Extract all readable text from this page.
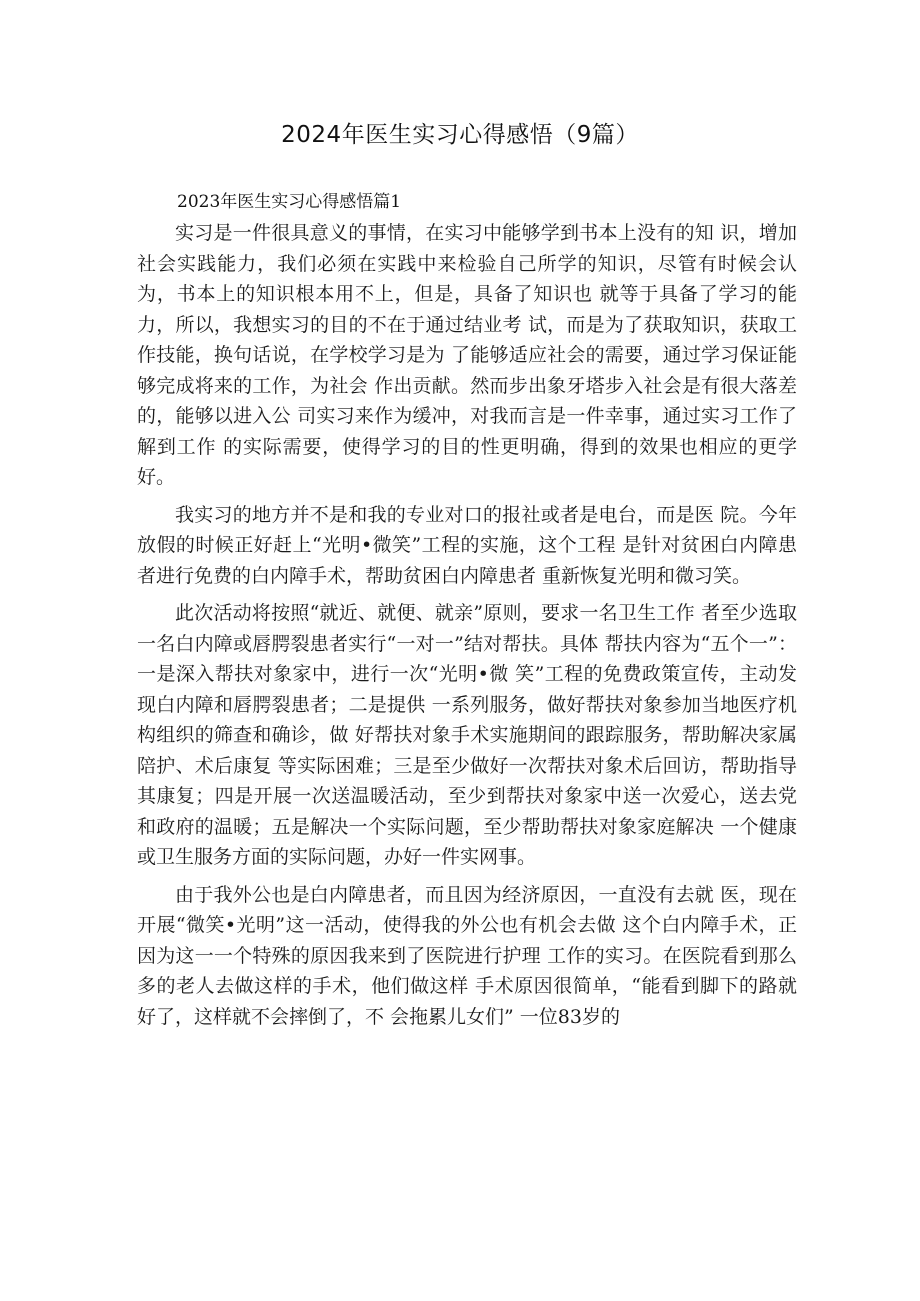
2024年医生实习心得感悟（9篇）
2023年医生实习心得感悟篇1

实习是一件很具意义的事情，在实习中能够学到书本上没有的知 识，增加社会实践能力，我们必须在实践中来检验自己所学的知识，尽管有时候会认为，书本上的知识根本用不上，但是，具备了知识也 就等于具备了学习的能力，所以，我想实习的目的不在于通过结业考 试，而是为了获取知识，获取工作技能，换句话说，在学校学习是为 了能够适应社会的需要，通过学习保证能够完成将来的工作，为社会 作出贡献。然而步出象牙塔步入社会是有很大落差的，能够以进入公 司实习来作为缓冲，对我而言是一件幸事，通过实习工作了解到工作 的实际需要，使得学习的目的性更明确，得到的效果也相应的更学好。

我实习的地方并不是和我的专业对口的报社或者是电台，而是医 院。今年放假的时候正好赶上“光明•微笑”工程的实施，这个工程 是针对贫困白内障患者进行免费的白内障手术，帮助贫困白内障患者 重新恢复光明和微习笑。

此次活动将按照“就近、就便、就亲”原则，要求一名卫生工作 者至少选取一名白内障或唇腭裂患者实行“一对一”结对帮扶。具体 帮扶内容为“五个一”：一是深入帮扶对象家中，进行一次“光明•微 笑”工程的免费政策宣传，主动发现白内障和唇腭裂患者；二是提供 一系列服务，做好帮扶对象参加当地医疗机构组织的筛查和确诊，做 好帮扶对象手术实施期间的跟踪服务，帮助解决家属陪护、术后康复 等实际困难；三是至少做好一次帮扶对象术后回访，帮助指导其康复；四是开展一次送温暖活动，至少到帮扶对象家中送一次爱心，送去党 和政府的温暖；五是解决一个实际问题，至少帮助帮扶对象家庭解决 一个健康或卫生服务方面的实际问题，办好一件实网事。

由于我外公也是白内障患者，而且因为经济原因，一直没有去就 医，现在开展“微笑•光明”这一活动，使得我的外公也有机会去做 这个白内障手术，正因为这一一个特殊的原因我来到了医院进行护理 工作的实习。在医院看到那么多的老人去做这样的手术，他们做这样 手术原因很简单，“能看到脚下的路就好了，这样就不会摔倒了，不 会拖累儿女们” 一位83岁的
